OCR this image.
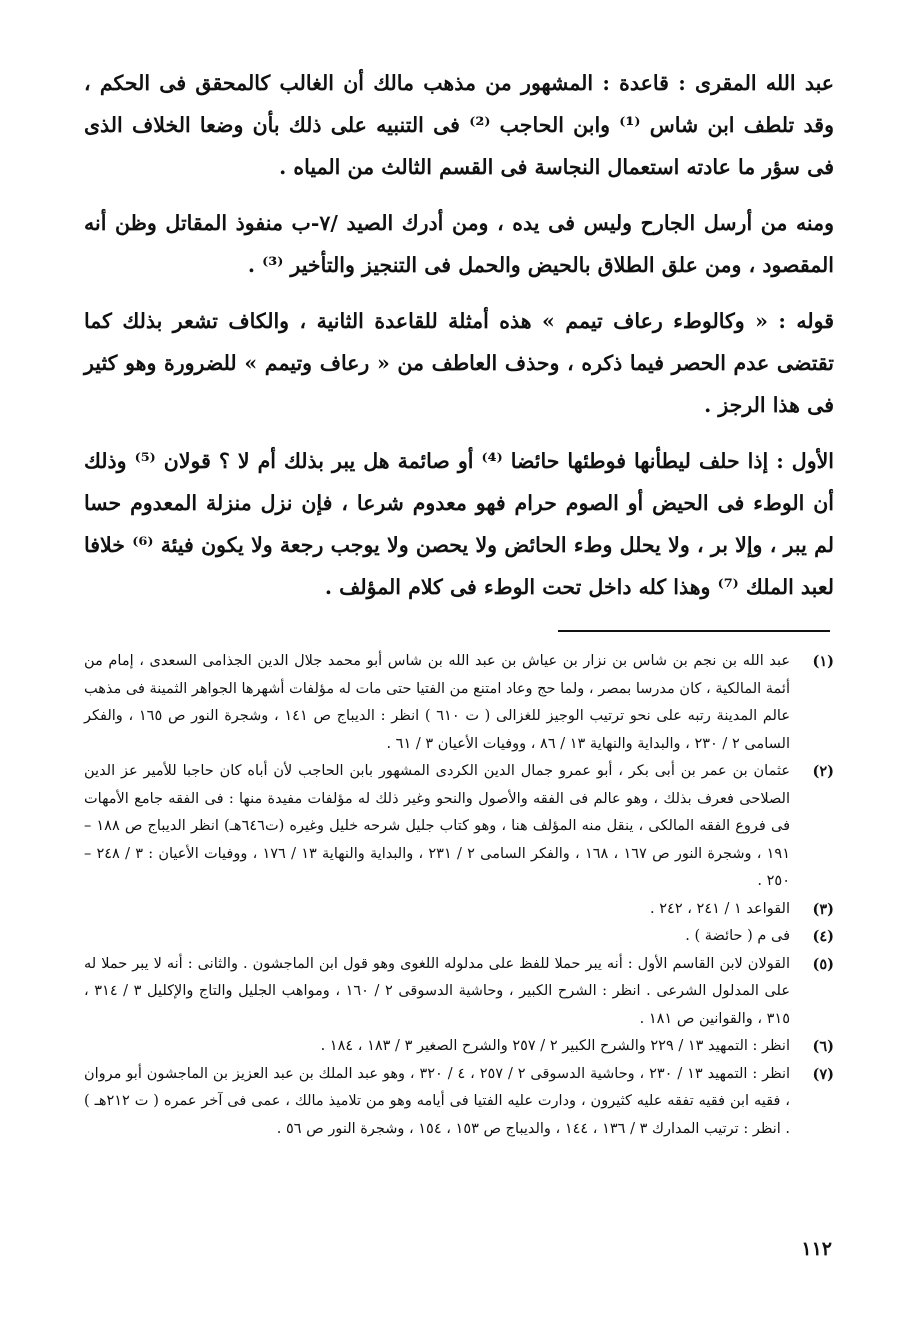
عبد الله المقرى : قاعدة : المشهور من مذهب مالك أن الغالب كالمحقق فى الحكم ، وقد تلطف ابن شاس ⁽¹⁾ وابن الحاجب ⁽²⁾ فى التنبيه على ذلك بأن وضعا الخلاف الذى فى سؤر ما عادته استعمال النجاسة فى القسم الثالث من المياه .

ومنه من أرسل الجارح وليس فى يده ، ومن أدرك الصيد /٧-ب منفوذ المقاتل وظن أنه المقصود ، ومن علق الطلاق بالحيض والحمل فى التنجيز والتأخير ⁽³⁾ .

قوله : « وكالوطء رعاف تيمم » هذه أمثلة للقاعدة الثانية ، والكاف تشعر بذلك كما تقتضى عدم الحصر فيما ذكره ، وحذف العاطف من « رعاف وتيمم » للضرورة وهو كثير فى هذا الرجز .

الأول : إذا حلف ليطأنها فوطئها حائضا ⁽⁴⁾ أو صائمة هل يبر بذلك أم لا ؟ قولان ⁽⁵⁾ وذلك أن الوطء فى الحيض أو الصوم حرام فهو معدوم شرعا ، فإن نزل منزلة المعدوم حسا لم يبر ، وإلا بر ، ولا يحلل وطء الحائض ولا يحصن ولا يوجب رجعة ولا يكون فيئة ⁽⁶⁾ خلافا لعبد الملك ⁽⁷⁾ وهذا كله داخل تحت الوطء فى كلام المؤلف .

(١)
عبد الله بن نجم بن شاس بن نزار بن عياش بن عبد الله بن شاس أبو محمد جلال الدين الجذامى السعدى ، إمام من أئمة المالكية ، كان مدرسا بمصر ، ولما حج وعاد امتنع من الفتيا حتى مات له مؤلفات أشهرها الجواهر الثمينة فى مذهب عالم المدينة رتبه على نحو ترتيب الوجيز للغزالى ( ت ٦١٠ ) انظر : الديباج ص ١٤١ ، وشجرة النور ص ١٦٥ ، والفكر السامى ٢ / ٢٣٠ ، والبداية والنهاية ١٣ / ٨٦ ، ووفيات الأعيان ٣ / ٦١ .
(٢)
عثمان بن عمر بن أبى بكر ، أبو عمرو جمال الدين الكردى المشهور بابن الحاجب لأن أباه كان حاجبا للأمير عز الدين الصلاحى فعرف بذلك ، وهو عالم فى الفقه والأصول والنحو وغير ذلك له مؤلفات مفيدة منها : فى الفقه جامع الأمهات فى فروع الفقه المالكى ، ينقل منه المؤلف هنا ، وهو كتاب جليل شرحه خليل وغيره (ت٦٤٦هـ) انظر الديباج ص ١٨٨ – ١٩١ ، وشجرة النور ص ١٦٧ ، ١٦٨ ، والفكر السامى ٢ / ٢٣١ ، والبداية والنهاية ١٣ / ١٧٦ ، ووفيات الأعيان : ٣ / ٢٤٨ – ٢٥٠ .
(٣)
القواعد ١ / ٢٤١ ، ٢٤٢ .
(٤)
فى م ( حائضة ) .
(٥)
القولان لابن القاسم الأول : أنه يبر حملا للفظ على مدلوله اللغوى وهو قول ابن الماجشون . والثانى : أنه لا يبر حملا له على المدلول الشرعى . انظر : الشرح الكبير ، وحاشية الدسوقى ٢ / ١٦٠ ، ومواهب الجليل والتاج والإكليل ٣ / ٣١٤ ، ٣١٥ ، والقوانين ص ١٨١ .
(٦)
انظر : التمهيد ١٣ / ٢٢٩ والشرح الكبير ٢ / ٢٥٧ والشرح الصغير ٣ / ١٨٣ ، ١٨٤ .
(٧)
انظر : التمهيد ١٣ / ٢٣٠ ، وحاشية الدسوقى ٢ / ٢٥٧ ، ٤ / ٣٢٠ ، وهو عبد الملك بن عبد العزيز بن الماجشون أبو مروان ، فقيه ابن فقيه تفقه عليه كثيرون ، ودارت عليه الفتيا فى أيامه وهو من تلاميذ مالك ، عمى فى آخر عمره ( ت ٢١٢هـ ) . انظر : ترتيب المدارك ٣ / ١٣٦ ، ١٤٤ ، والديباج ص ١٥٣ ، ١٥٤ ، وشجرة النور ص ٥٦ .
١١٢
